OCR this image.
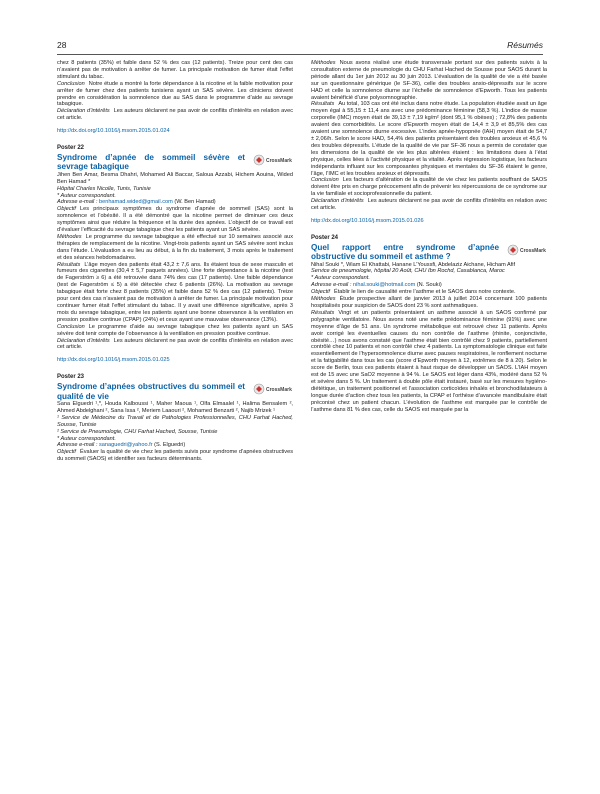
28	Résumés

chez 8 patients (35%) et faible dans 52 % des cas (12 patients). Treize pour cent des cas n’avaient pas de motivation à arrêter de fumer. La principale motivation de fumer était l’effet stimulant du tabac.

Conclusion Notre étude a montré la forte dépendance à la nicotine et la faible motivation pour arrêter de fumer chez des patients tunisiens ayant un SAS sévère. Les cliniciens doivent prendre en considération la somnolence due au SAS dans le programme d’aide au sevrage tabagique.

Déclaration d’intérêts Les auteurs déclarent ne pas avoir de conflits d’intérêts en relation avec cet article.

http://dx.doi.org/10.1016/j.msom.2015.01.024
Poster 22
Syndrome d’apnée de sommeil sévère et sevrage tabagique
CrossMark

Jihen Ben Amar, Besma Dhahri, Mohamed Ali Baccar, Saloua Azzabi, Hichem Aouina, Wided Ben Hamad *

Hôpital Charles Nicolle, Tunis, Tunisie

* Auteur correspondant.

Adresse e-mail : benhamad.wided@gmail.com (W. Ben Hamad)

Objectif Les principaux symptômes du syndrome d’apnée de sommeil (SAS) sont la somnolence et l’obésité. Il a été démontré que la nicotine permet de diminuer ces deux symptômes ainsi que réduire la fréquence et la durée des apnées. L’objectif de ce travail est d’évaluer l’efficacité du sevrage tabagique chez les patients ayant un SAS sévère.

Méthodes Le programme du sevrage tabagique a été effectué sur 10 semaines associé aux thérapies de remplacement de la nicotine. Vingt-trois patients ayant un SAS sévère sont inclus dans l’étude. L’évaluation a eu lieu au début, à la fin du traitement, 3 mois après le traitement et des séances hebdomadaires.

Résultats L’âge moyen des patients était 43,2 ± 7,6 ans. Ils étaient tous de sexe masculin et fumeurs des cigarettes (30,4 ± 5,7 paquets années). Une forte dépendance à la nicotine (test de Fagerström ≥ 6) a été retrouvée dans 74% des cas (17 patients). Une faible dépendance (test de Fagerström ≤ 5) a été détectée chez 6 patients (26%). La motivation au sevrage tabagique était forte chez 8 patients (35%) et faible dans 52 % des cas (12 patients). Treize pour cent des cas n’avaient pas de motivation à arrêter de fumer. La principale motivation pour continuer fumer était l’effet stimulant du tabac. Il y avait une différence significative, après 3 mois du sevrage tabagique, entre les patients ayant une bonne observance à la ventilation en pression positive continue (CPAP) (24%) et ceux ayant une mauvaise observance (13%).

Conclusion Le programme d’aide au sevrage tabagique chez les patients ayant un SAS sévère doit tenir compte de l’observance à la ventilation en pression positive continue.

Déclaration d’intérêts Les auteurs déclarent ne pas avoir de conflits d’intérêts en relation avec cet article.

http://dx.doi.org/10.1016/j.msom.2015.01.025
Poster 23
Syndrome d’apnées obstructives du sommeil et qualité de vie
CrossMark

Sana Elguedri ¹,*, Houda Kalboussi ¹, Maher Maoua ¹, Olfa Elmaalel ¹, Halima Bensalem ², Ahmed Abdelghani ², Sana Issa ², Meriem Laaouri ², Mohamed Benzarti ², Najib Mrizek ¹

¹ Service de Médecine du Travail et de Pathologies Professionnelles, CHU Farhat Hached, Sousse, Tunisie

² Service de Pneumologie, CHU Farhat Hached, Sousse, Tunisie

* Auteur correspondant.

Adresse e-mail : sanaguedri@yahoo.fr (S. Elguedri)

Objectif Évaluer la qualité de vie chez les patients suivis pour syndrome d’apnées obstructives du sommeil (SAOS) et identifier ses facteurs déterminants.

Méthodes Nous avons réalisé une étude transversale portant sur des patients suivis à la consultation externe de pneumologie du CHU Farhat Hached de Sousse pour SAOS durant la période allant du 1er juin 2012 au 30 juin 2013. L’évaluation de la qualité de vie a été basée sur un questionnaire générique (le SF-36), celle des troubles anxio-dépressifs sur le score HAD et celle la somnolence diurne sur l’échelle de somnolence d’Epworth. Tous les patients avaient bénéficié d’une polysomnographie.

Résultats Au total, 103 cas ont été inclus dans notre étude. La population étudiée avait un âge moyen égal à 55,15 ± 11,4 ans avec une prédominance féminine (58,3 %). L’indice de masse corporelle (IMC) moyen était de 39,13 ± 7,19 kg/m² (dont 95,1 % obèses) ; 72,8% des patients avaient des comorbidités. Le score d’Epworth moyen était de 14,4 ± 3,9 et 85,5% des cas avaient une somnolence diurne excessive. L’index apnée-hypopnée (IAH) moyen était de 54,7 ± 2,06/h. Selon le score HAD, 54,4% des patients présentaient des troubles anxieux et 45,6 % des troubles dépressifs. L’étude de la qualité de vie par SF-36 nous a permis de constater que les dimensions de la qualité de vie les plus altérées étaient : les limitations dues à l’état physique, celles liées à l’activité physique et la vitalité. Après régression logistique, les facteurs indépendants influant sur les composantes physiques et mentales du SF-36 étaient le genre, l’âge, l’IMC et les troubles anxieux et dépressifs.

Conclusion Les facteurs d’altération de la qualité de vie chez les patients souffrant de SAOS doivent être pris en charge précocement afin de prévenir les répercussions de ce syndrome sur la vie familiale et socioprofessionnelle du patient.

Déclaration d’intérêts Les auteurs déclarent ne pas avoir de conflits d’intérêts en relation avec cet article.

http://dx.doi.org/10.1016/j.msom.2015.01.026
Poster 24
Quel rapport entre syndrome d’apnée obstructive du sommeil et asthme ?
CrossMark

Nihal Souki *, Wiam El Khattabi, Hanane L’Youssfi, Abdelaziz Aichane, Hicham Afif

Service de pneumologie, hôpital 20 Août, CHU Ibn Rochd, Casablanca, Maroc

* Auteur correspondant.

Adresse e-mail : nihal.souki@hotmail.com (N. Souki)

Objectif Établir le lien de causalité entre l’asthme et le SAOS dans notre contexte.

Méthodes Étude prospective allant de janvier 2013 à juillet 2014 concernant 100 patients hospitalisés pour suspicion de SAOS dont 23 % sont asthmatiques.

Résultats Vingt et un patients présentaient un asthme associé à un SAOS confirmé par polygraphie ventilatoire. Nous avons noté une nette prédominance féminine (91%) avec une moyenne d’âge de 51 ans. Un syndrome métabolique est retrouvé chez 11 patients. Après avoir corrigé les éventuelles causes du non contrôle de l’asthme (rhinite, conjonctivite, obésité…) nous avons constaté que l’asthme était bien contrôlé chez 9 patients, partiellement contrôlé chez 10 patients et non contrôlé chez 4 patients. La symptomatologie clinique est faite essentiellement de l’hypersomnolence diurne avec pauses respiratoires, le ronflement nocturne et la fatigabilité dans tous les cas (score d’Epworth moyen à 12, extrêmes de 8 à 20). Selon le score de Berlin, tous ces patients étaient à haut risque de développer un SAOS. L’IAH moyen est de 15 avec une SaO2 moyenne à 94 %. Le SAOS est léger dans 43%, modéré dans 52 % et sévère dans 5 %. Un traitement à double pôle était instauré, basé sur les mesures hygiéno-diététique, un traitement positionnel et l’association corticoïdes inhalés et bronchodilatateurs à longue durée d’action chez tous les patients, la CPAP et l’orthèse d’avancée mandibulaire était préconisé chez un patient chacun. L’évolution de l’asthme est marquée par le contrôle de l’asthme dans 81 % des cas, celle du SAOS est marquée par la
